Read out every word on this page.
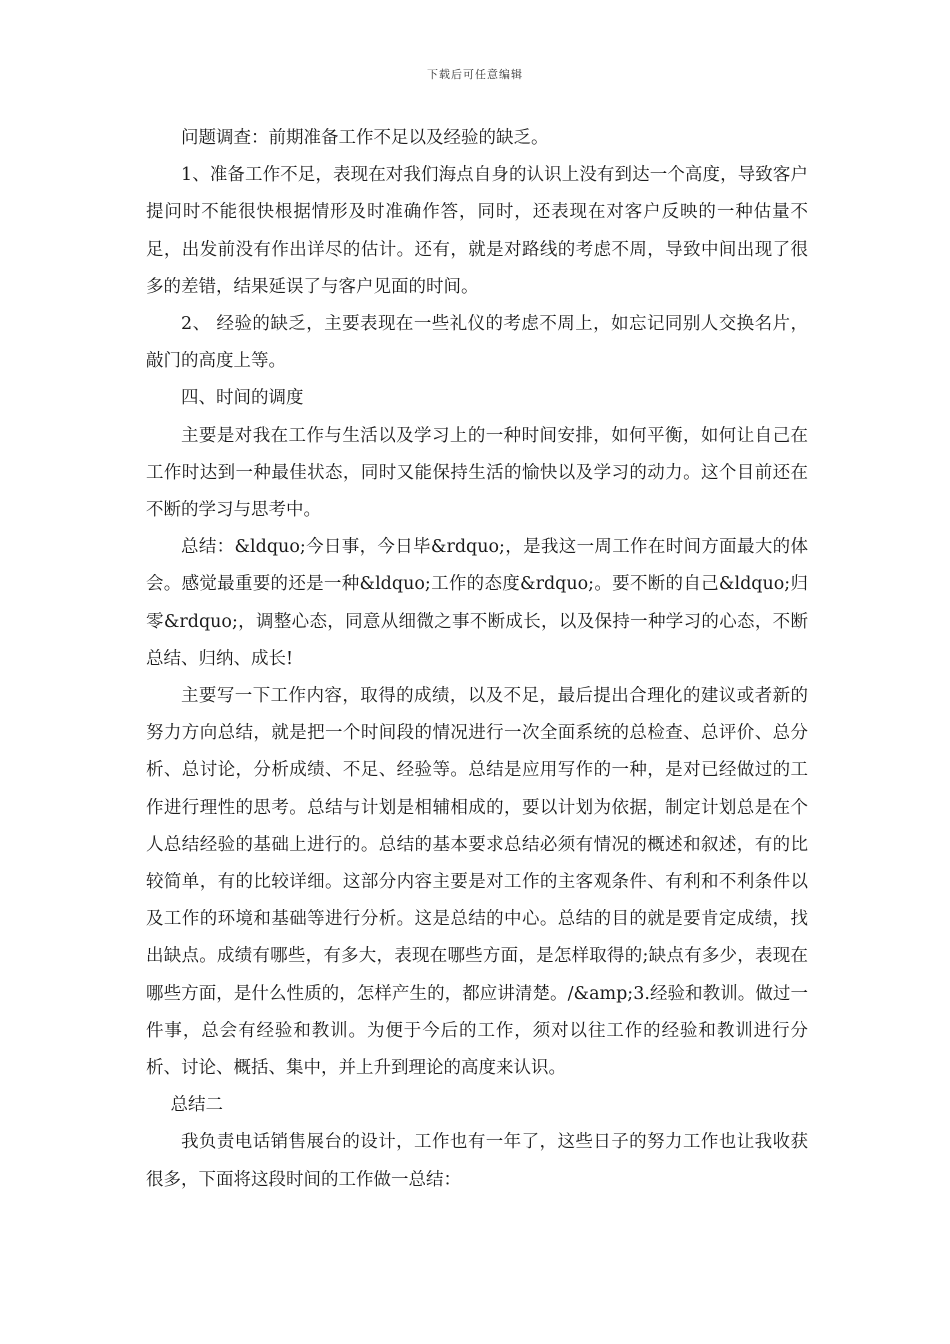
下载后可任意编辑

问题调查：前期准备工作不足以及经验的缺乏。

1、准备工作不足，表现在对我们海点自身的认识上没有到达一个高度，导致客户提问时不能很快根据情形及时准确作答，同时，还表现在对客户反映的一种估量不足，出发前没有作出详尽的估计。还有，就是对路线的考虑不周，导致中间出现了很多的差错，结果延误了与客户见面的时间。

2、 经验的缺乏，主要表现在一些礼仪的考虑不周上，如忘记同别人交换名片，敲门的高度上等。

四、时间的调度

主要是对我在工作与生活以及学习上的一种时间安排，如何平衡，如何让自己在工作时达到一种最佳状态，同时又能保持生活的愉快以及学习的动力。这个目前还在不断的学习与思考中。

总结：&ldquo;今日事，今日毕&rdquo;，是我这一周工作在时间方面最大的体会。感觉最重要的还是一种&ldquo;工作的态度&rdquo;。要不断的自己&ldquo;归零&rdquo;，调整心态，同意从细微之事不断成长，以及保持一种学习的心态，不断总结、归纳、成长!

主要写一下工作内容，取得的成绩，以及不足，最后提出合理化的建议或者新的努力方向总结，就是把一个时间段的情况进行一次全面系统的总检查、总评价、总分析、总讨论，分析成绩、不足、经验等。总结是应用写作的一种，是对已经做过的工作进行理性的思考。总结与计划是相辅相成的，要以计划为依据，制定计划总是在个人总结经验的基础上进行的。总结的基本要求总结必须有情况的概述和叙述，有的比较简单，有的比较详细。这部分内容主要是对工作的主客观条件、有利和不利条件以及工作的环境和基础等进行分析。这是总结的中心。总结的目的就是要肯定成绩，找出缺点。成绩有哪些，有多大，表现在哪些方面，是怎样取得的;缺点有多少，表现在哪些方面，是什么性质的，怎样产生的，都应讲清楚。/&amp;3.经验和教训。做过一件事，总会有经验和教训。为便于今后的工作，须对以往工作的经验和教训进行分析、讨论、概括、集中，并上升到理论的高度来认识。

总结二

我负责电话销售展台的设计，工作也有一年了，这些日子的努力工作也让我收获很多，下面将这段时间的工作做一总结：
